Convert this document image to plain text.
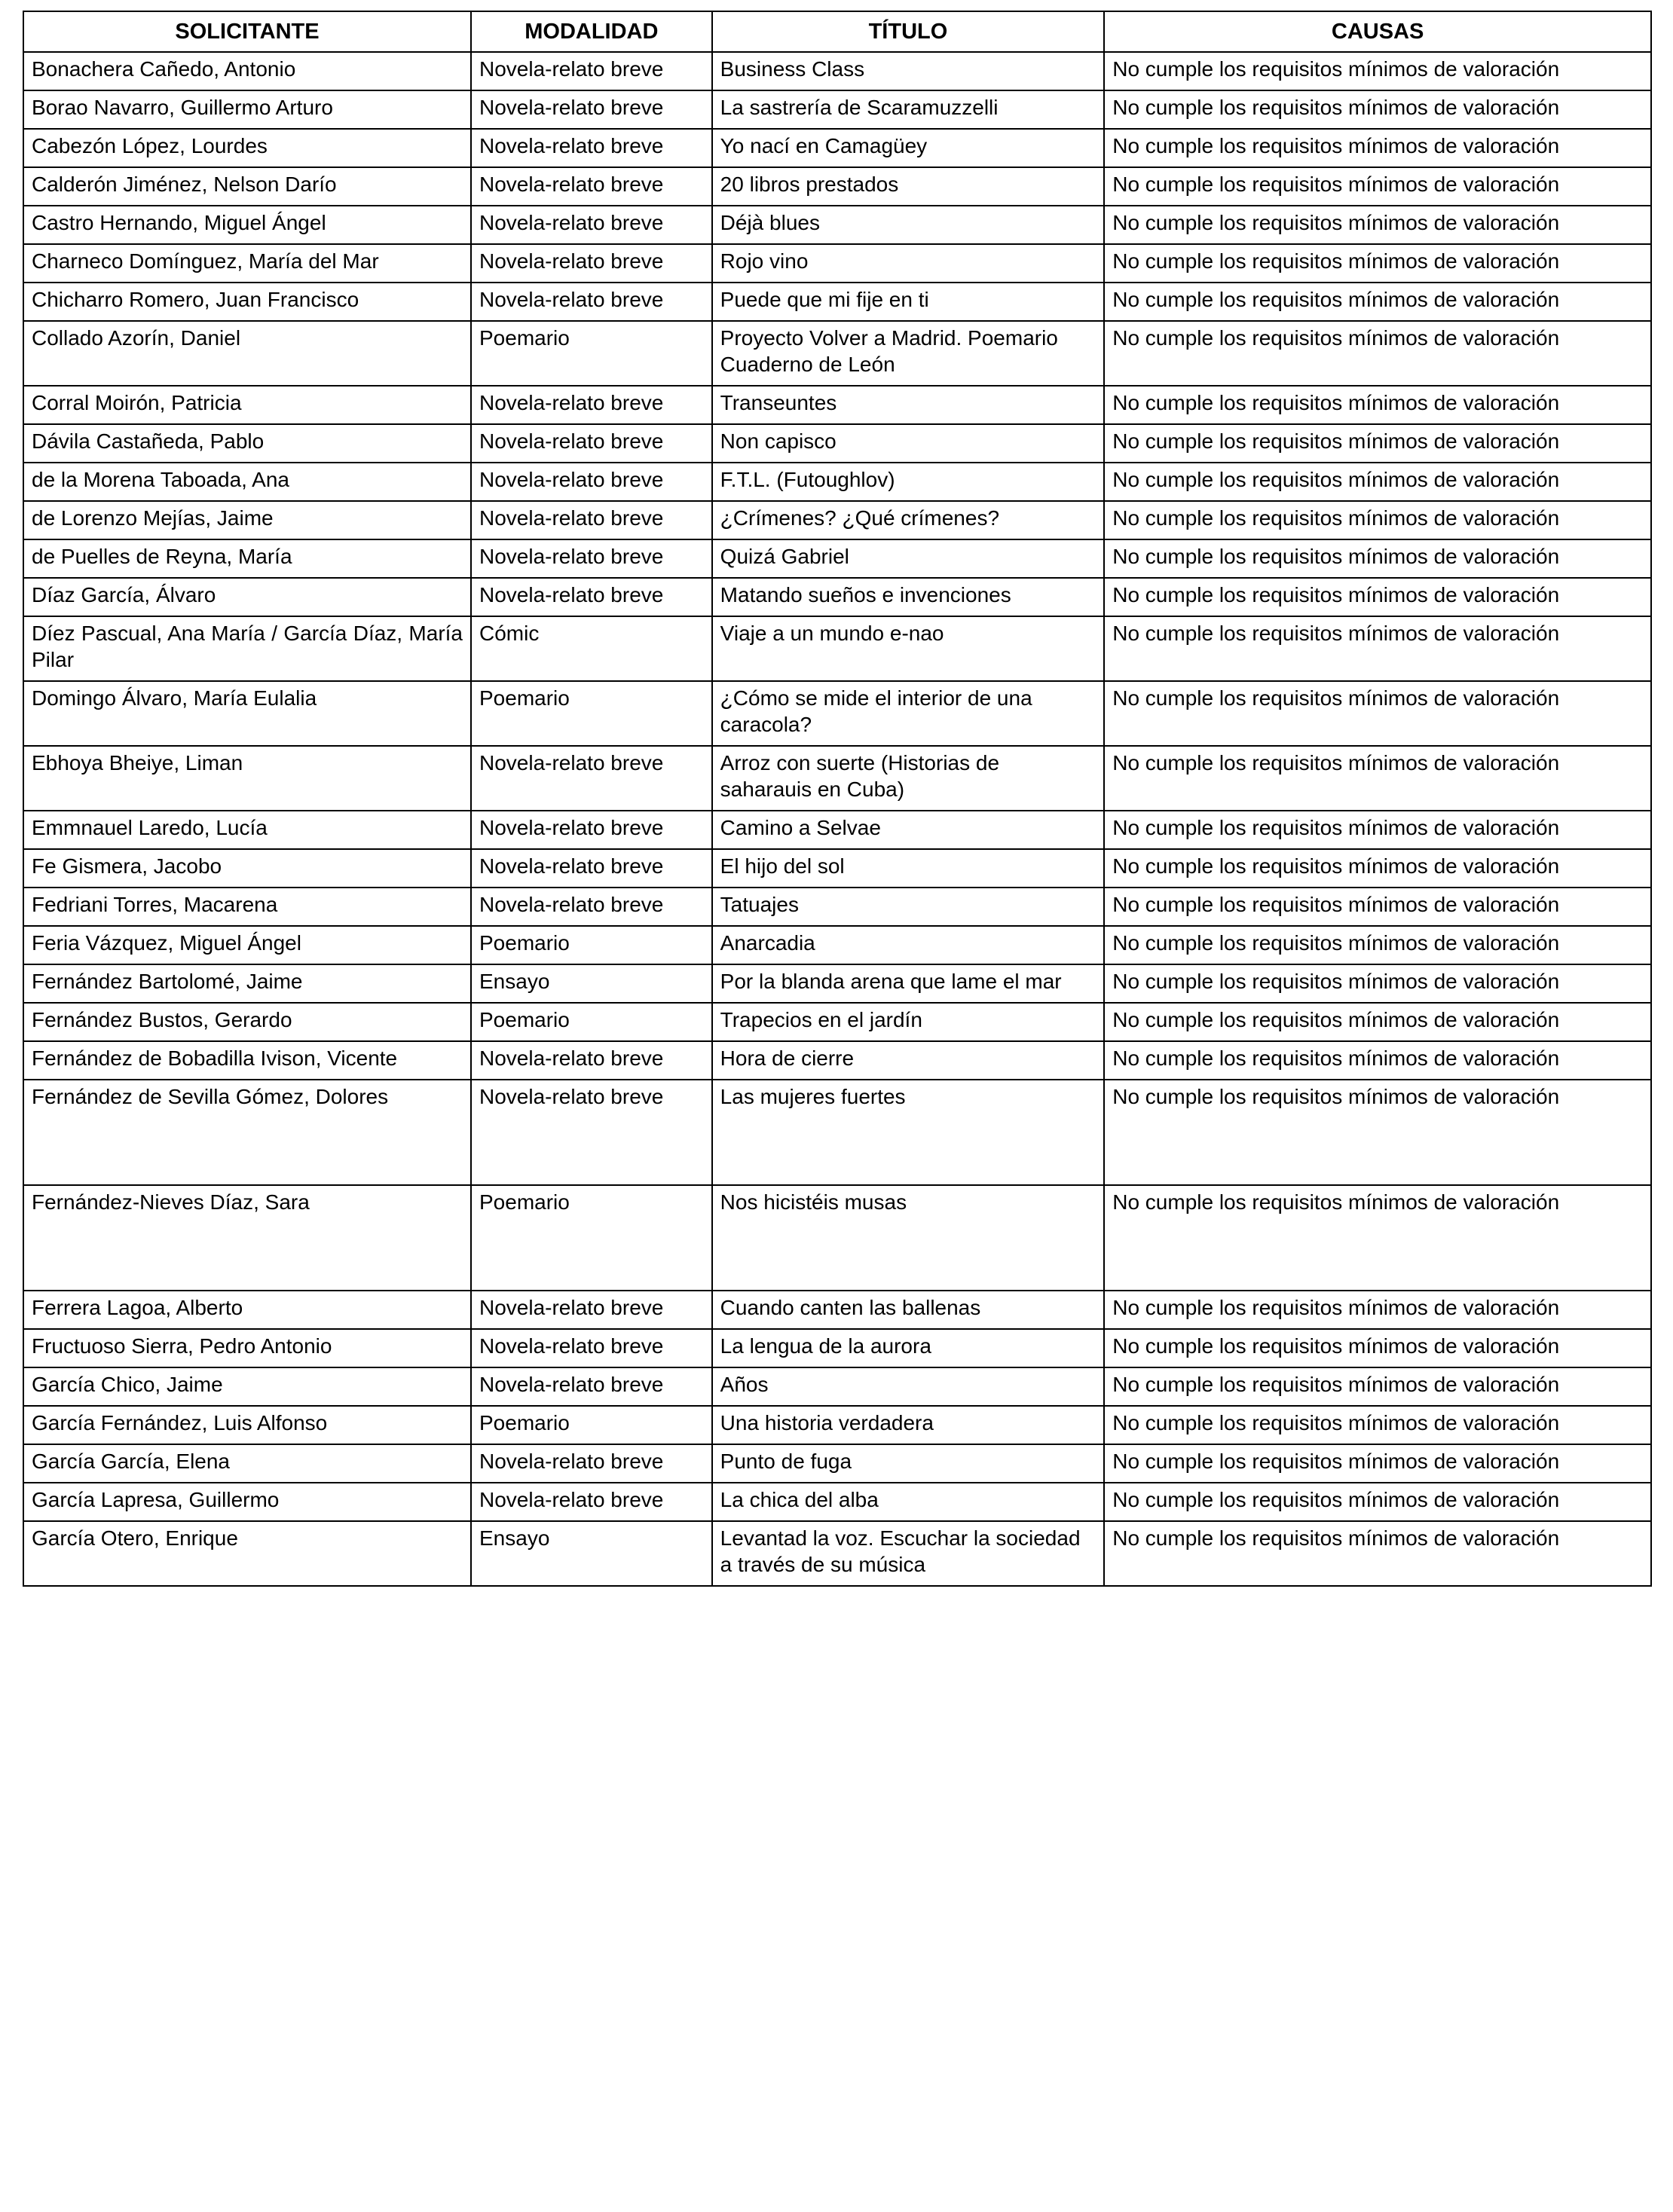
SOLICITANTE	MODALIDAD	TÍTULO	CAUSAS
Bonachera Cañedo, Antonio	Novela-relato breve	Business Class	No cumple los requisitos mínimos de valoración
Borao Navarro, Guillermo Arturo	Novela-relato breve	La sastrería de Scaramuzzelli	No cumple los requisitos mínimos de valoración
Cabezón López, Lourdes	Novela-relato breve	Yo nací en Camagüey	No cumple los requisitos mínimos de valoración
Calderón Jiménez, Nelson Darío	Novela-relato breve	20 libros prestados	No cumple los requisitos mínimos de valoración
Castro Hernando, Miguel Ángel	Novela-relato breve	Déjà blues	No cumple los requisitos mínimos de valoración
Charneco Domínguez, María del Mar	Novela-relato breve	Rojo vino	No cumple los requisitos mínimos de valoración
Chicharro Romero, Juan Francisco	Novela-relato breve	Puede que mi fije en ti	No cumple los requisitos mínimos de valoración
Collado Azorín, Daniel	Poemario	Proyecto Volver a Madrid. Poemario Cuaderno de León	No cumple los requisitos mínimos de valoración
Corral Moirón, Patricia	Novela-relato breve	Transeuntes	No cumple los requisitos mínimos de valoración
Dávila Castañeda, Pablo	Novela-relato breve	Non capisco	No cumple los requisitos mínimos de valoración
de la Morena Taboada, Ana	Novela-relato breve	F.T.L. (Futoughlov)	No cumple los requisitos mínimos de valoración
de Lorenzo Mejías, Jaime	Novela-relato breve	¿Crímenes? ¿Qué crímenes?	No cumple los requisitos mínimos de valoración
de Puelles de Reyna, María	Novela-relato breve	Quizá Gabriel	No cumple los requisitos mínimos de valoración
Díaz García, Álvaro	Novela-relato breve	Matando sueños e invenciones	No cumple los requisitos mínimos de valoración
Díez Pascual, Ana María / García Díaz, María Pilar	Cómic	Viaje a un mundo e-nao	No cumple los requisitos mínimos de valoración
Domingo Álvaro, María Eulalia	Poemario	¿Cómo se mide el interior de una caracola?	No cumple los requisitos mínimos de valoración
Ebhoya Bheiye, Liman	Novela-relato breve	Arroz con suerte (Historias de saharauis en Cuba)	No cumple los requisitos mínimos de valoración
Emmnauel Laredo, Lucía	Novela-relato breve	Camino a Selvae	No cumple los requisitos mínimos de valoración
Fe Gismera, Jacobo	Novela-relato breve	El hijo del sol	No cumple los requisitos mínimos de valoración
Fedriani Torres, Macarena	Novela-relato breve	Tatuajes	No cumple los requisitos mínimos de valoración
Feria Vázquez, Miguel Ángel	Poemario	Anarcadia	No cumple los requisitos mínimos de valoración
Fernández Bartolomé, Jaime	Ensayo	Por la blanda arena que lame el mar	No cumple los requisitos mínimos de valoración
Fernández Bustos, Gerardo	Poemario	Trapecios en el jardín	No cumple los requisitos mínimos de valoración
Fernández de Bobadilla Ivison, Vicente	Novela-relato breve	Hora de cierre	No cumple los requisitos mínimos de valoración
Fernández de Sevilla Gómez, Dolores	Novela-relato breve	Las mujeres fuertes	No cumple los requisitos mínimos de valoración
Fernández-Nieves Díaz, Sara	Poemario	Nos hicistéis musas	No cumple los requisitos mínimos de valoración
Ferrera Lagoa, Alberto	Novela-relato breve	Cuando canten las ballenas	No cumple los requisitos mínimos de valoración
Fructuoso Sierra, Pedro Antonio	Novela-relato breve	La lengua de la aurora	No cumple los requisitos mínimos de valoración
García Chico, Jaime	Novela-relato breve	Años	No cumple los requisitos mínimos de valoración
García Fernández, Luis Alfonso	Poemario	Una historia verdadera	No cumple los requisitos mínimos de valoración
García García, Elena	Novela-relato breve	Punto de fuga	No cumple los requisitos mínimos de valoración
García Lapresa, Guillermo	Novela-relato breve	La chica del alba	No cumple los requisitos mínimos de valoración
García Otero, Enrique	Ensayo	Levantad la voz. Escuchar la sociedad a través de su música	No cumple los requisitos mínimos de valoración
